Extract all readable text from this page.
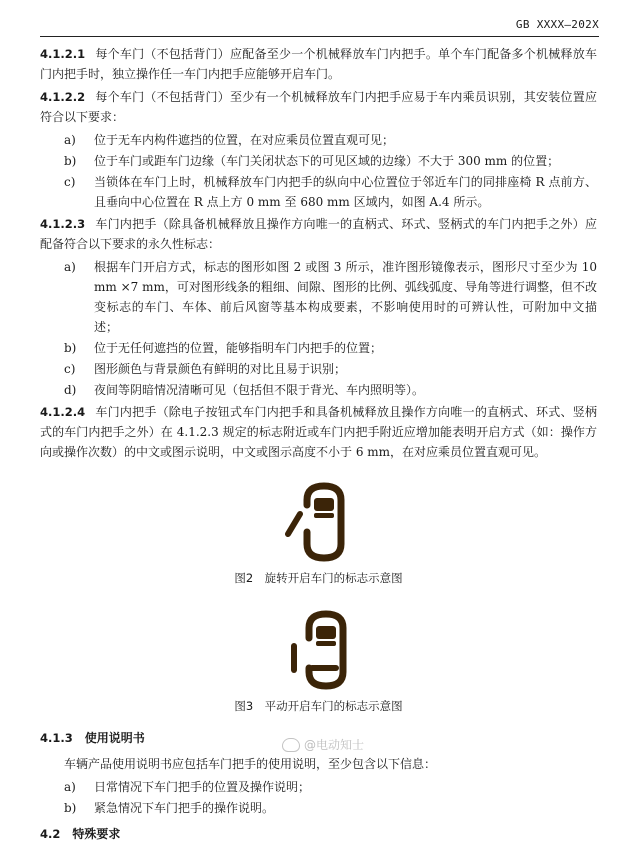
GB XXXX—202X

4.1.2.1 每个车门（不包括背门）应配备至少一个机械释放车门内把手。单个车门配备多个机械释放车门内把手时，独立操作任一车门内把手应能够开启车门。

4.1.2.2 每个车门（不包括背门）至少有一个机械释放车门内把手应易于车内乘员识别，其安装位置应符合以下要求：

a)	位于无车内构件遮挡的位置，在对应乘员位置直观可见；
b)	位于车门或距车门边缘（车门关闭状态下的可见区域的边缘）不大于 300 mm 的位置；
c)	当锁体在车门上时，机械释放车门内把手的纵向中心位置位于邻近车门的同排座椅 R 点前方、且垂向中心位置在 R 点上方 0 mm 至 680 mm 区域内，如图 A.4 所示。

4.1.2.3 车门内把手（除具备机械释放且操作方向唯一的直柄式、环式、竖柄式的车门内把手之外）应配备符合以下要求的永久性标志：

a)	根据车门开启方式，标志的图形如图 2 或图 3 所示，准许图形镜像表示，图形尺寸至少为 10 mm ×7 mm，可对图形线条的粗细、间隙、图形的比例、弧线弧度、导角等进行调整，但不改变标志的车门、车体、前后风窗等基本构成要素，不影响使用时的可辨认性，可附加中文描述；
b)	位于无任何遮挡的位置，能够指明车门内把手的位置；
c)	图形颜色与背景颜色有鲜明的对比且易于识别；
d)	夜间等阴暗情况清晰可见（包括但不限于背光、车内照明等）。

4.1.2.4 车门内把手（除电子按钮式车门内把手和具备机械释放且操作方向唯一的直柄式、环式、竖柄式的车门内把手之外）在 4.1.2.3 规定的标志附近或车门内把手附近应增加能表明开启方式（如：操作方向或操作次数）的中文或图示说明，中文或图示高度不小于 6 mm，在对应乘员位置直观可见。

图2　旋转开启车门的标志示意图
图3　平动开启车门的标志示意图
4.1.3 使用说明书

车辆产品使用说明书应包括车门把手的使用说明，至少包含以下信息：

a)	日常情况下车门把手的位置及操作说明；
b)	紧急情况下车门把手的操作说明。
4.2 特殊要求
@电动知士
